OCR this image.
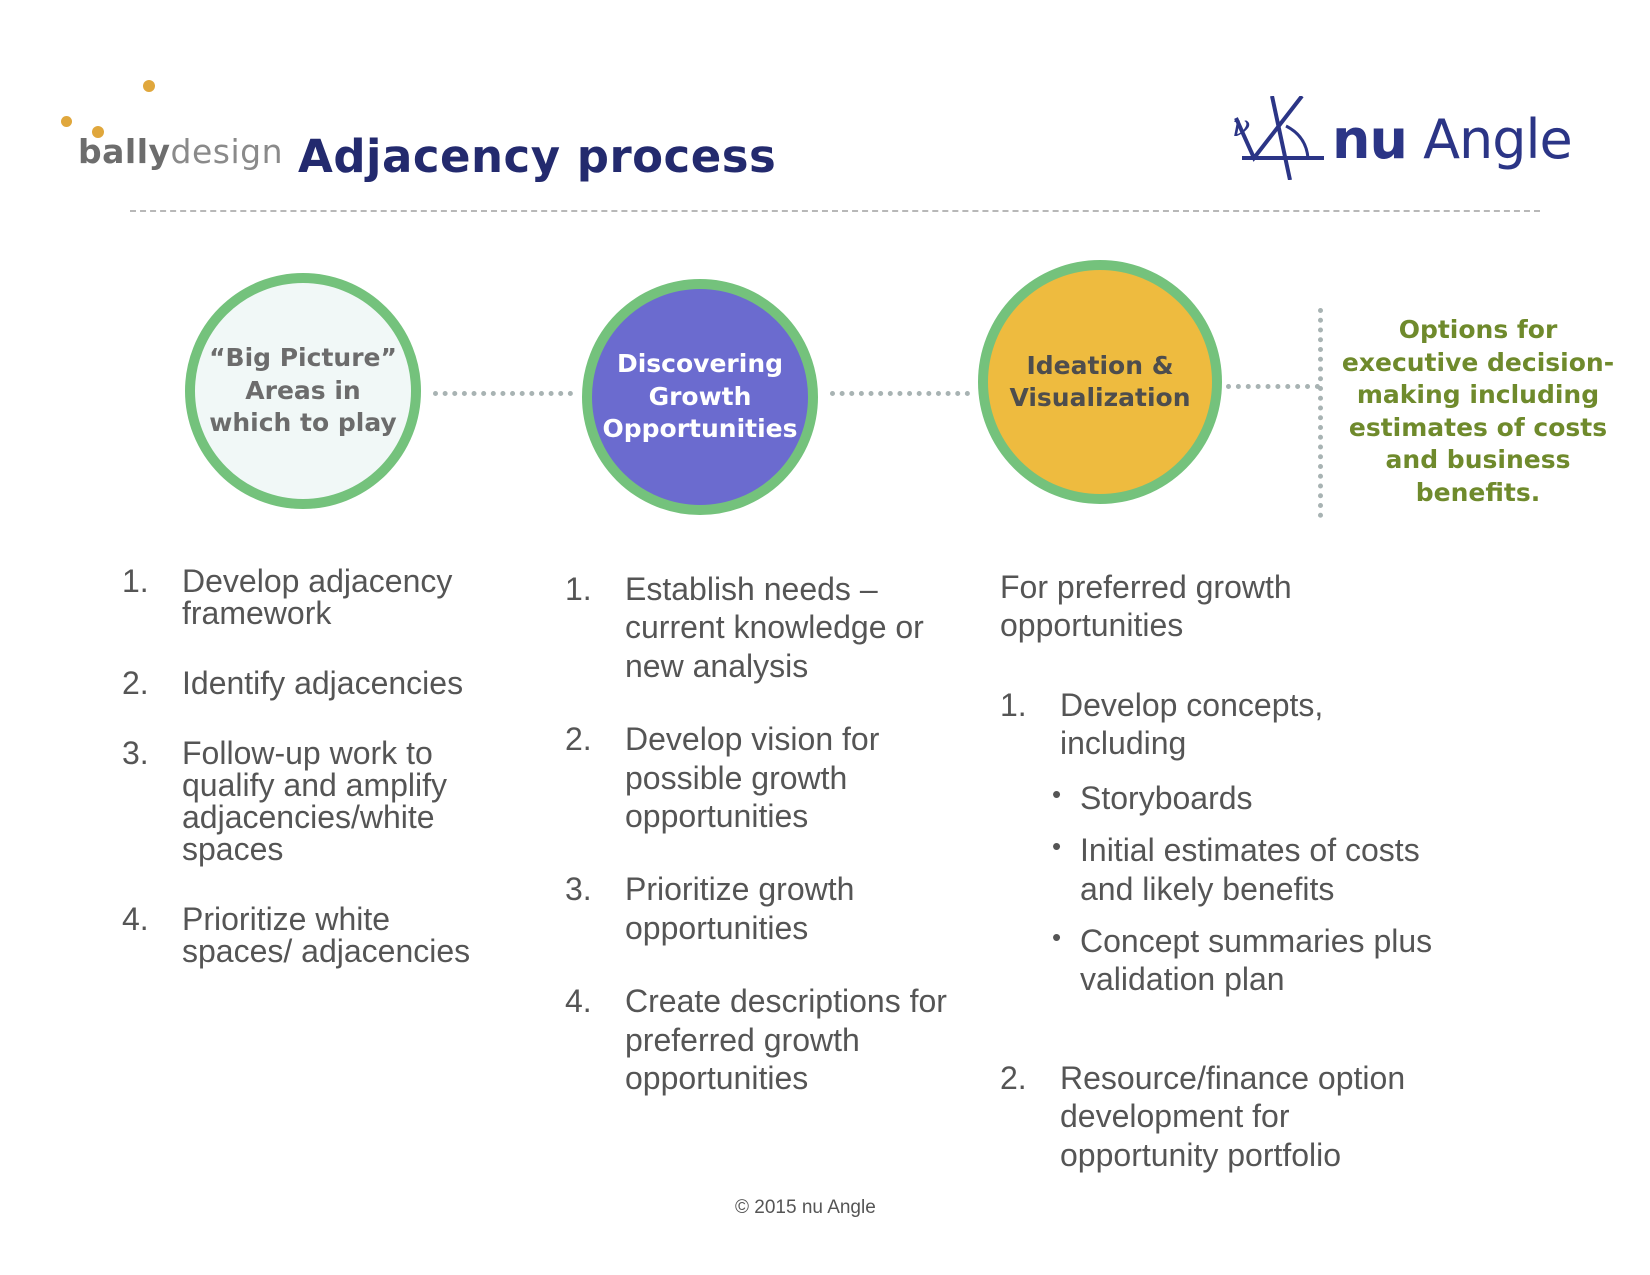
ballydesign Adjacency process
ν nu Angle
“Big Picture” Areas in which to play
Discovering Growth Opportunities
Ideation & Visualization
Options for executive decision-making including estimates of costs and business benefits.
1. Develop adjacency framework
2. Identify adjacencies
3. Follow-up work to qualify and amplify adjacencies/white spaces
4. Prioritize white spaces/ adjacencies
1. Establish needs – current knowledge or new analysis
2. Develop vision for possible growth opportunities
3. Prioritize growth opportunities
4. Create descriptions for preferred growth opportunities
For preferred growth opportunities
1. Develop concepts, including
• Storyboards
• Initial estimates of costs and likely benefits
• Concept summaries plus validation plan
2. Resource/finance option development for opportunity portfolio
© 2015 nu Angle
